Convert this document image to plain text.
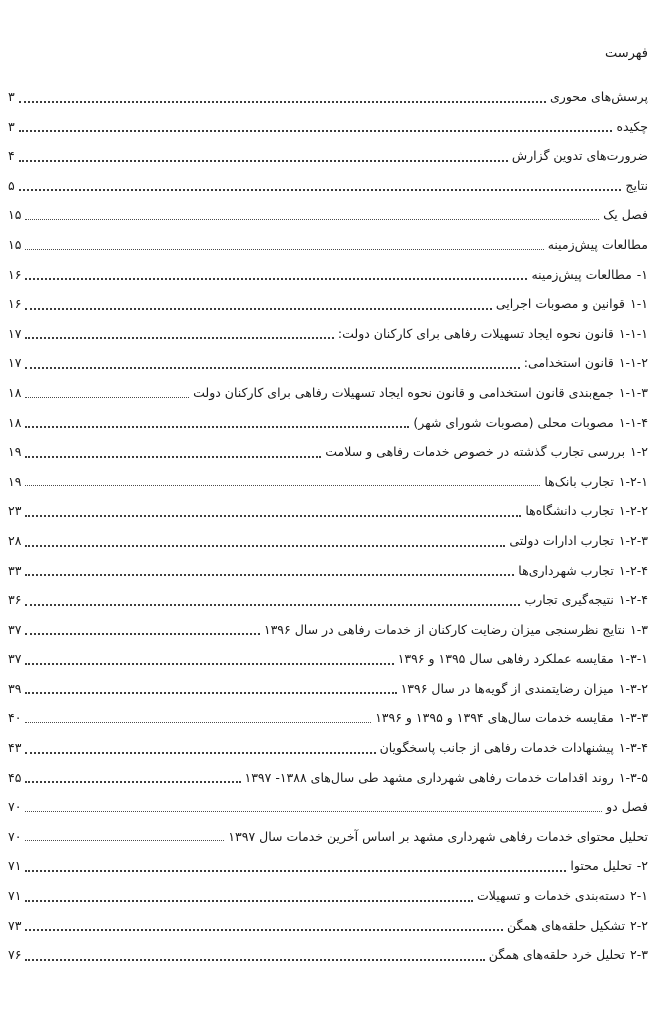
فهرست
پرسش‌های محوری
۳
چکیده
۳
ضرورت‌های تدوین گزارش
۴
نتایج
۵
فصل یک
۱۵
مطالعات پیش‌زمینه
۱۵
۱-
مطالعات پیش‌زمینه
۱۶
۱-۱
قوانین و مصوبات اجرایی
۱۶
۱-۱-۱
قانون نحوه ایجاد تسهیلات رفاهی برای کارکنان دولت:
۱۷
۱-۱-۲
قانون استخدامی:
۱۷
۱-۱-۳
جمع‌بندی قانون استخدامی و قانون نحوه ایجاد تسهیلات رفاهی برای کارکنان دولت
۱۸
۱-۱-۴
مصوبات محلی (مصوبات شورای شهر)
۱۸
۱-۲
بررسی تجارب گذشته در خصوص خدمات رفاهی و سلامت
۱۹
۱-۲-۱
تجارب بانک‌ها
۱۹
۱-۲-۲
تجارب دانشگاه‌ها
۲۳
۱-۲-۳
تجارب ادارات دولتی
۲۸
۱-۲-۴
تجارب شهرداری‌ها
۳۳
۱-۲-۴
نتیجه‌گیری تجارب
۳۶
۱-۳
نتایج نظرسنجی میزان رضایت کارکنان از خدمات رفاهی در سال ۱۳۹۶
۳۷
۱-۳-۱
مقایسه عملکرد رفاهی سال ۱۳۹۵ و ۱۳۹۶
۳۷
۱-۳-۲
میزان رضایتمندی از گویه‌ها در سال ۱۳۹۶
۳۹
۱-۳-۳
مقایسه خدمات سال‌های ۱۳۹۴ و ۱۳۹۵ و ۱۳۹۶
۴۰
۱-۳-۴
پیشنهادات خدمات رفاهی از جانب پاسخگویان
۴۳
۱-۳-۵
روند اقدامات خدمات رفاهی شهرداری مشهد طی سال‌های ۱۳۸۸- ۱۳۹۷
۴۵
فصل دو
۷۰
تحلیل محتوای خدمات رفاهی شهرداری مشهد بر اساس آخرین خدمات سال ۱۳۹۷
۷۰
۲-
تحلیل محتوا
۷۱
۲-۱
دسته‌بندی خدمات و تسهیلات
۷۱
۲-۲
تشکیل حلقه‌های همگن
۷۳
۲-۳
تحلیل خرد حلقه‌های همگن
۷۶
